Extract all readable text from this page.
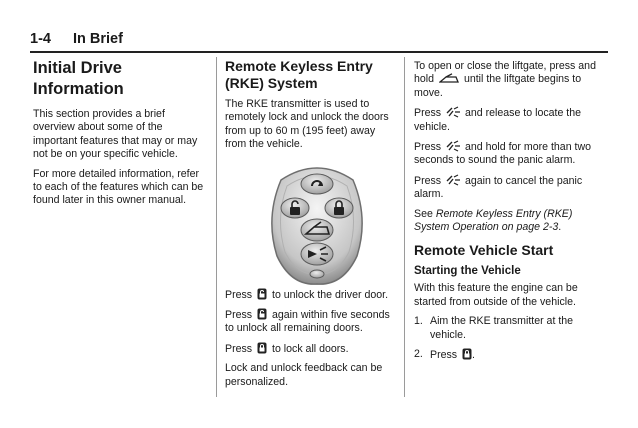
1-4 In Brief
Initial Drive
Information

This section provides a brief overview about some of the important features that may or may not be on your specific vehicle.

For more detailed information, refer to each of the features which can be found later in this owner manual.

Remote Keyless Entry
(RKE) System

The RKE transmitter is used to remotely lock and unlock the doors from up to 60 m (195 feet) away from the vehicle.

Press to unlock the driver door.

Press again within five seconds to unlock all remaining doors.

Press to lock all doors.

Lock and unlock feedback can be personalized.

To open or close the liftgate, press and hold	until the liftgate begins to move.

Press and release to locate the vehicle.

Press and hold for more than two seconds to sound the panic alarm.

Press again to cancel the panic alarm.

See Remote Keyless Entry (RKE) System Operation on page 2-3.

Remote Vehicle Start
Starting the Vehicle

With this feature the engine can be started from outside of the vehicle.

1. Aim the RKE transmitter at the vehicle.
2. Press .
